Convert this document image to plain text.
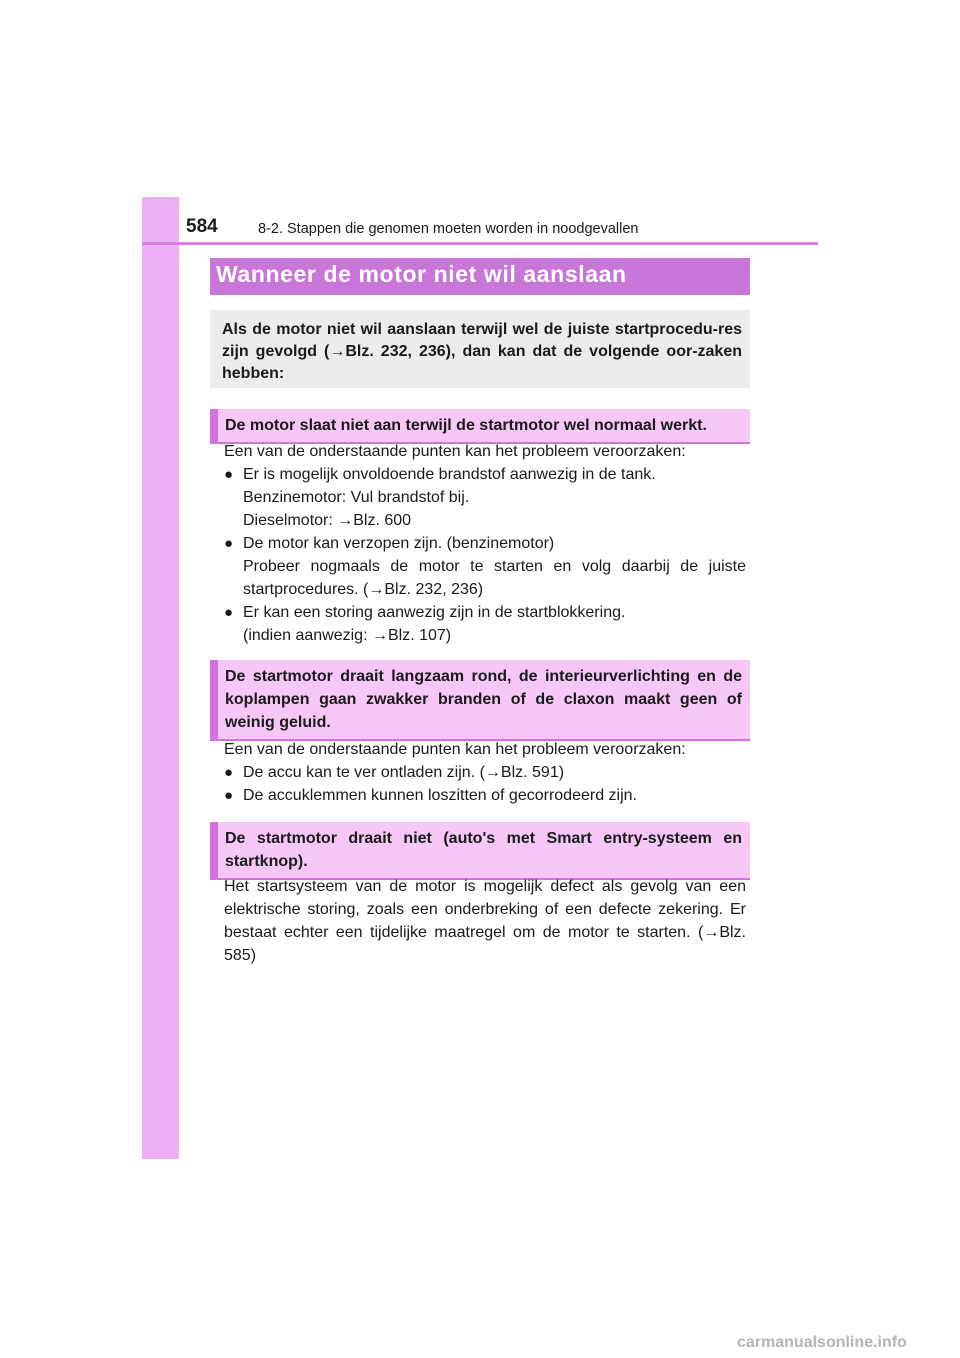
584	8-2. Stappen die genomen moeten worden in noodgevallen
Wanneer de motor niet wil aanslaan
Als de motor niet wil aanslaan terwijl wel de juiste startprocedu-res zijn gevolgd (→Blz. 232, 236), dan kan dat de volgende oor-zaken hebben:
De motor slaat niet aan terwijl de startmotor wel normaal werkt.
Een van de onderstaande punten kan het probleem veroorzaken:
● Er is mogelijk onvoldoende brandstof aanwezig in de tank.
Benzinemotor: Vul brandstof bij.
Dieselmotor: →Blz. 600
● De motor kan verzopen zijn. (benzinemotor)
Probeer nogmaals de motor te starten en volg daarbij de juiste
startprocedures. (→Blz. 232, 236)
● Er kan een storing aanwezig zijn in de startblokkering.
(indien aanwezig: →Blz. 107)
De startmotor draait langzaam rond, de interieurverlichting en de koplampen gaan zwakker branden of de claxon maakt geen of weinig geluid.
Een van de onderstaande punten kan het probleem veroorzaken:
● De accu kan te ver ontladen zijn. (→Blz. 591)
● De accuklemmen kunnen loszitten of gecorrodeerd zijn.
De startmotor draait niet (auto's met Smart entry-systeem en startknop).
Het startsysteem van de motor is mogelijk defect als gevolg van een elektrische storing, zoals een onderbreking of een defecte zekering. Er bestaat echter een tijdelijke maatregel om de motor te starten. (→Blz. 585)
carmanualsonline.info
